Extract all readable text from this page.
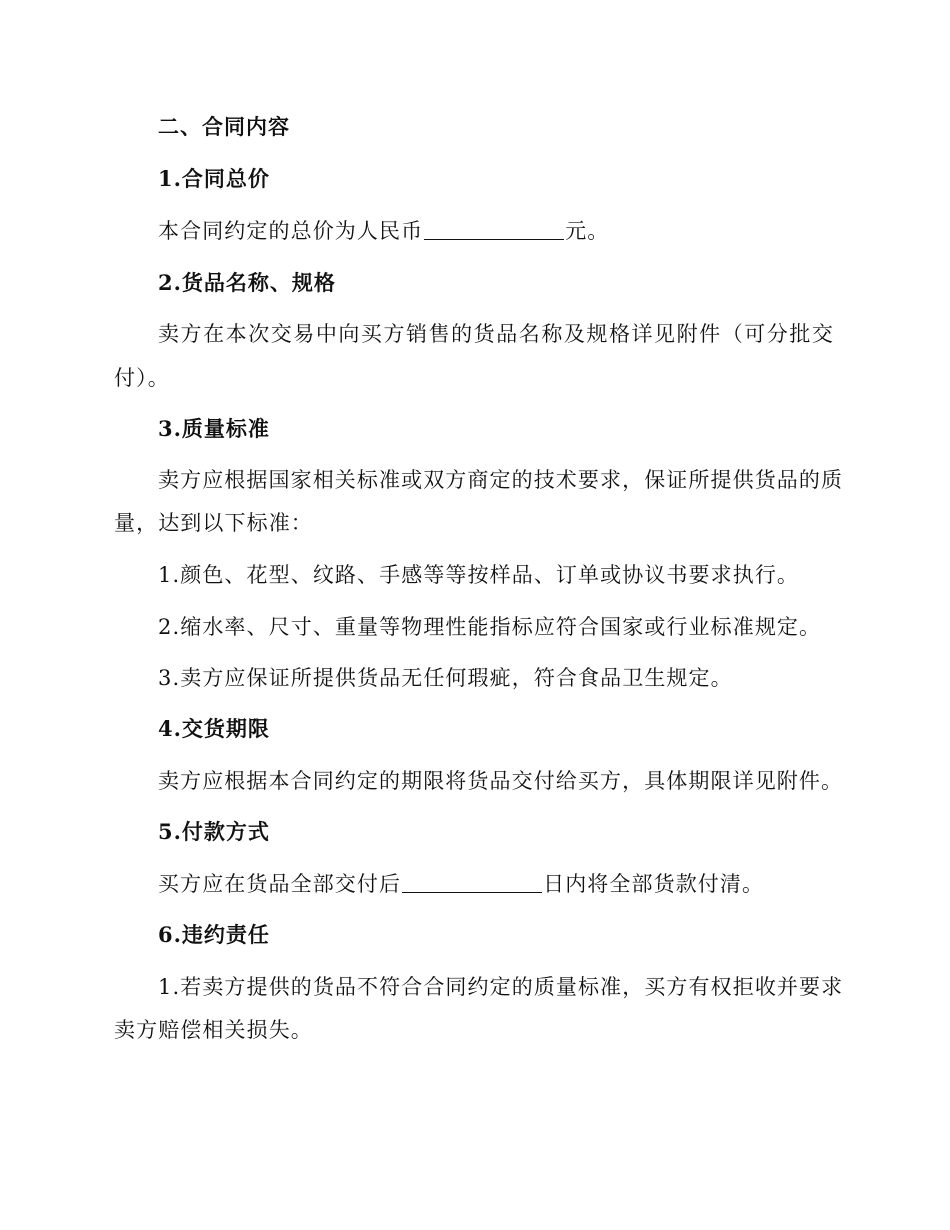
二、合同内容
1.合同总价
本合同约定的总价为人民币	元。
2.货品名称、规格
卖方在本次交易中向买方销售的货品名称及规格详见附件（可分批交
付）。
3.质量标准
卖方应根据国家相关标准或双方商定的技术要求，保证所提供货品的质
量，达到以下标准：
1.颜色、花型、纹路、手感等等按样品、订单或协议书要求执行。
2.缩水率、尺寸、重量等物理性能指标应符合国家或行业标准规定。
3.卖方应保证所提供货品无任何瑕疵，符合食品卫生规定。
4.交货期限
卖方应根据本合同约定的期限将货品交付给买方，具体期限详见附件。
5.付款方式
买方应在货品全部交付后	日内将全部货款付清。
6.违约责任
1.若卖方提供的货品不符合合同约定的质量标准，买方有权拒收并要求
卖方赔偿相关损失。
